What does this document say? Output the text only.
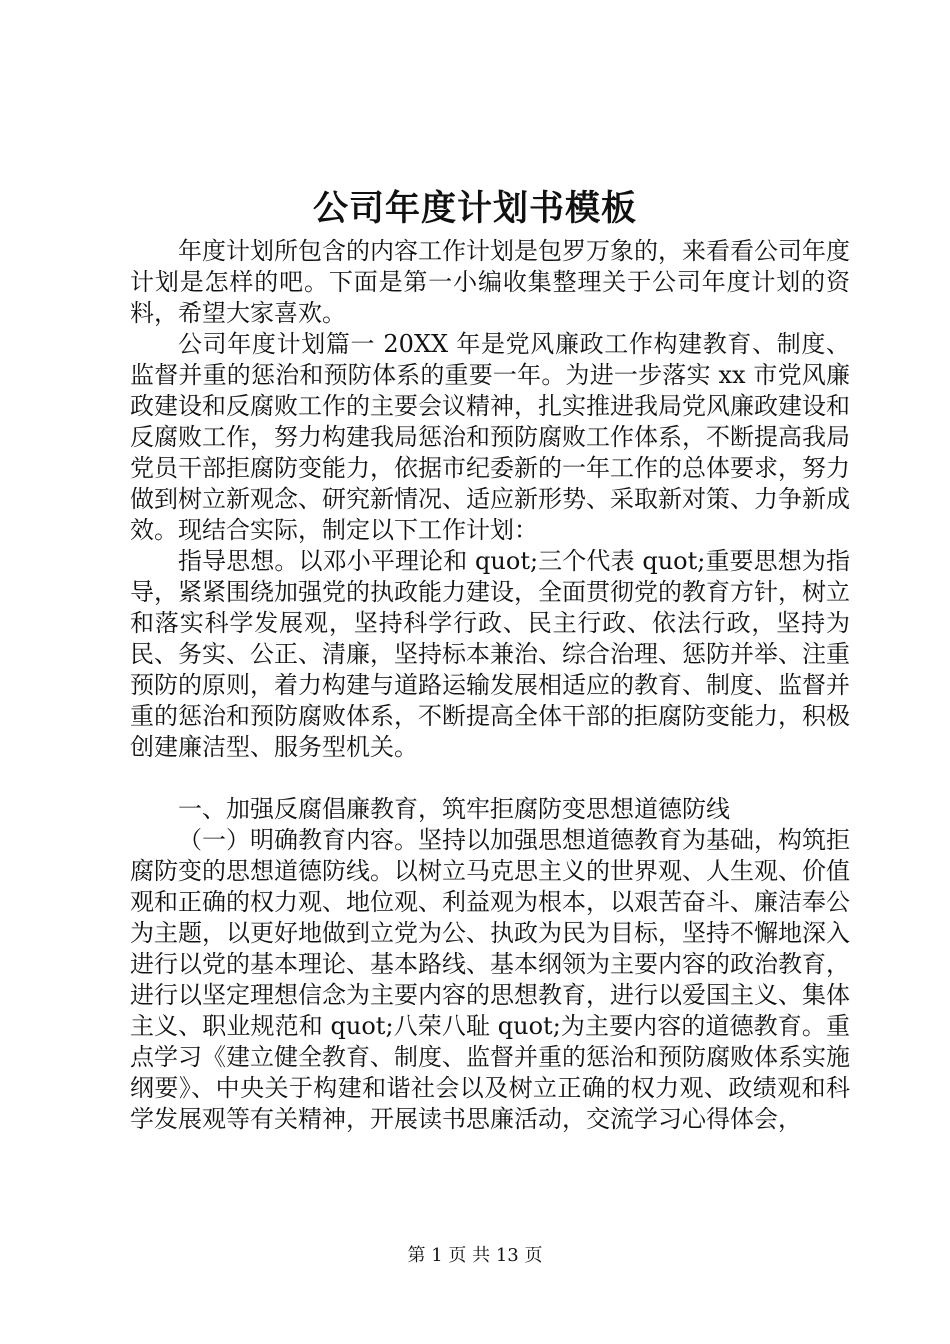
公司年度计划书模板

年度计划所包含的内容工作计划是包罗万象的，来看看公司年度计划是怎样的吧。下面是第一小编收集整理关于公司年度计划的资料，希望大家喜欢。

公司年度计划篇一 20XX 年是党风廉政工作构建教育、制度、监督并重的惩治和预防体系的重要一年。为进一步落实 xx 市党风廉政建设和反腐败工作的主要会议精神，扎实推进我局党风廉政建设和反腐败工作，努力构建我局惩治和预防腐败工作体系，不断提高我局党员干部拒腐防变能力，依据市纪委新的一年工作的总体要求，努力做到树立新观念、研究新情况、适应新形势、采取新对策、力争新成效。现结合实际，制定以下工作计划：

指导思想。以邓小平理论和 quot;三个代表 quot;重要思想为指导，紧紧围绕加强党的执政能力建设，全面贯彻党的教育方针，树立和落实科学发展观，坚持科学行政、民主行政、依法行政，坚持为民、务实、公正、清廉，坚持标本兼治、综合治理、惩防并举、注重预防的原则，着力构建与道路运输发展相适应的教育、制度、监督并重的惩治和预防腐败体系，不断提高全体干部的拒腐防变能力，积极创建廉洁型、服务型机关。

一、加强反腐倡廉教育，筑牢拒腐防变思想道德防线

（一）明确教育内容。坚持以加强思想道德教育为基础，构筑拒腐防变的思想道德防线。以树立马克思主义的世界观、人生观、价值观和正确的权力观、地位观、利益观为根本，以艰苦奋斗、廉洁奉公为主题，以更好地做到立党为公、执政为民为目标，坚持不懈地深入进行以党的基本理论、基本路线、基本纲领为主要内容的政治教育，进行以坚定理想信念为主要内容的思想教育，进行以爱国主义、集体主义、职业规范和 quot;八荣八耻 quot;为主要内容的道德教育。重点学习《建立健全教育、制度、监督并重的惩治和预防腐败体系实施纲要》、中央关于构建和谐社会以及树立正确的权力观、政绩观和科学发展观等有关精神，开展读书思廉活动，交流学习心得体会，

第 1 页 共 13 页
